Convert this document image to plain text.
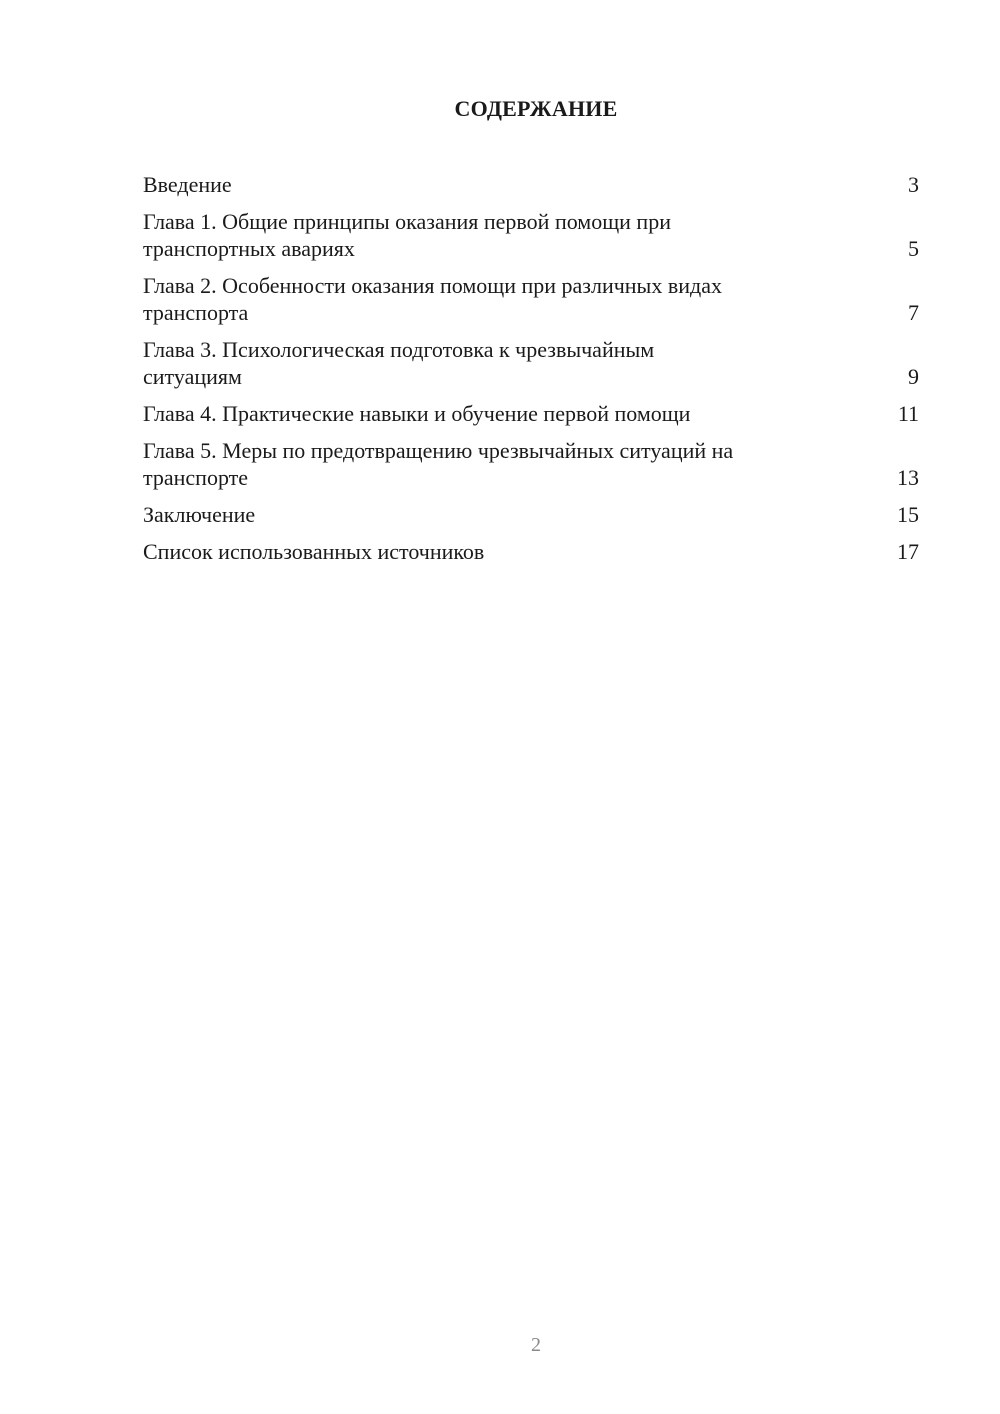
СОДЕРЖАНИЕ
Введение	3
Глава 1. Общие принципы оказания первой помощи при
транспортных авариях	5
Глава 2. Особенности оказания помощи при различных видах
транспорта	7
Глава 3. Психологическая подготовка к чрезвычайным
ситуациям	9
Глава 4. Практические навыки и обучение первой помощи	11
Глава 5. Меры по предотвращению чрезвычайных ситуаций на
транспорте	13
Заключение	15
Список использованных источников	17
2
